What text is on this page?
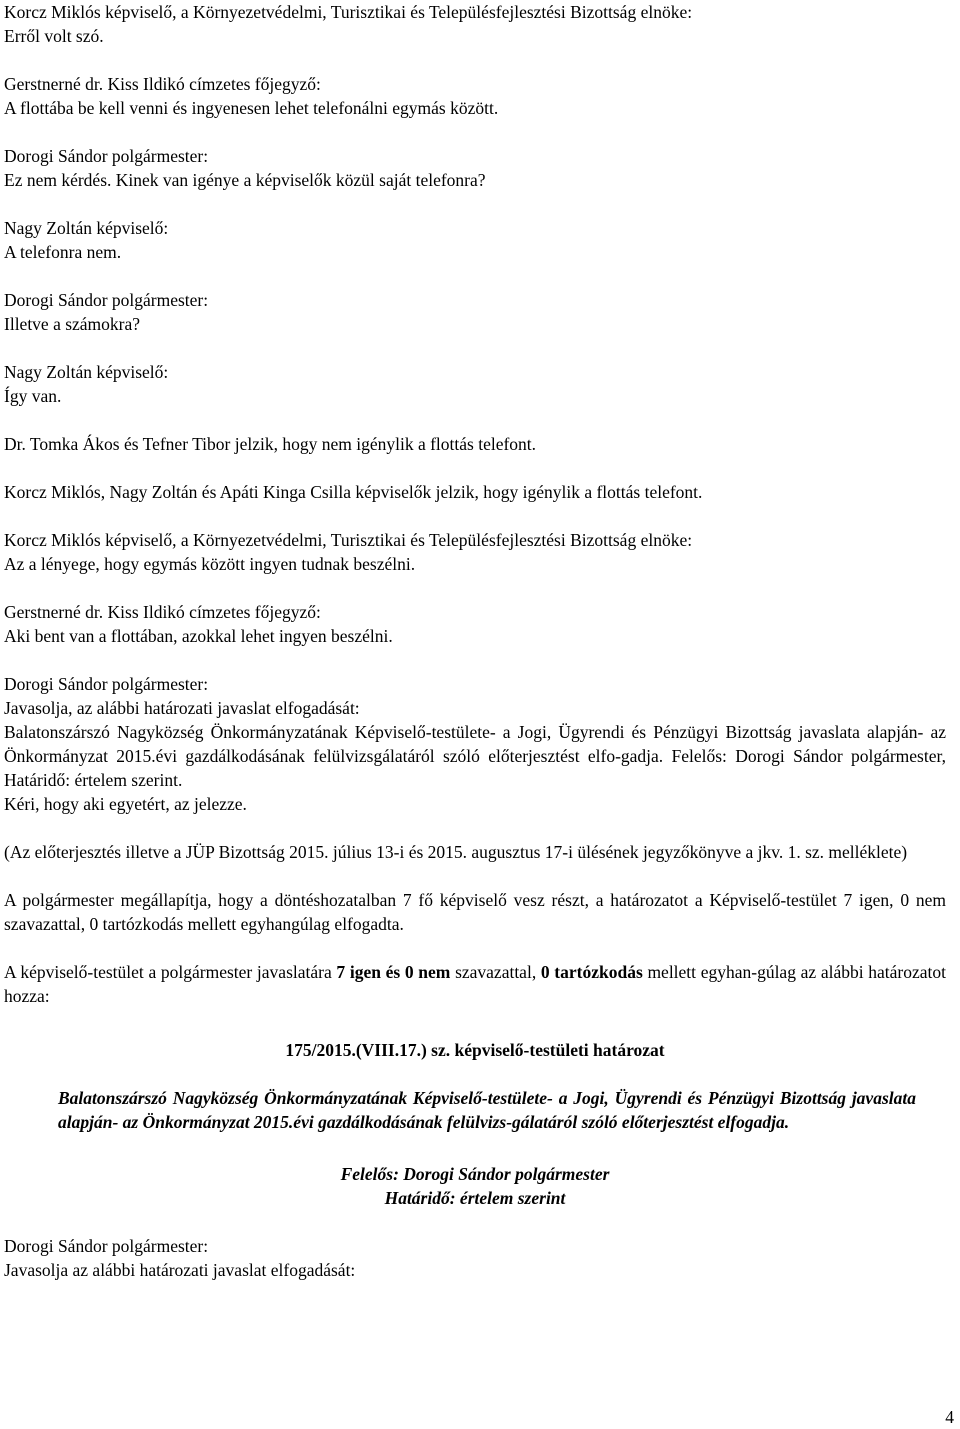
Korcz Miklós képviselő, a Környezetvédelmi, Turisztikai és Településfejlesztési Bizottság elnöke:

Erről volt szó.

Gerstnerné dr. Kiss Ildikó címzetes főjegyző:

A flottába be kell venni és ingyenesen lehet telefonálni egymás között.

Dorogi Sándor polgármester:

Ez nem kérdés. Kinek van igénye a képviselők közül saját telefonra?

Nagy Zoltán képviselő:

A telefonra nem.

Dorogi Sándor polgármester:

Illetve a számokra?

Nagy Zoltán képviselő:

Így van.

Dr. Tomka Ákos és Tefner Tibor jelzik, hogy nem igénylik a flottás telefont.

Korcz Miklós, Nagy Zoltán és Apáti Kinga Csilla képviselők jelzik, hogy igénylik a flottás telefont.

Korcz Miklós képviselő, a Környezetvédelmi, Turisztikai és Településfejlesztési Bizottság elnöke:

Az a lényege, hogy egymás között ingyen tudnak beszélni.

Gerstnerné dr. Kiss Ildikó címzetes főjegyző:

Aki bent van a flottában, azokkal lehet ingyen beszélni.

Dorogi Sándor polgármester:

Javasolja, az alábbi határozati javaslat elfogadását:

Balatonszárszó Nagyközség Önkormányzatának Képviselő-testülete- a Jogi, Ügyrendi és Pénzügyi Bizottság javaslata alapján- az Önkormányzat 2015.évi gazdálkodásának felülvizsgálatáról szóló előterjesztést elfo-gadja. Felelős: Dorogi Sándor polgármester, Határidő: értelem szerint.

Kéri, hogy aki egyetért, az jelezze.

(Az előterjesztés illetve a JÜP Bizottság 2015. július 13-i és 2015. augusztus 17-i ülésének jegyzőkönyve a jkv. 1. sz. melléklete)

A polgármester megállapítja, hogy a döntéshozatalban 7 fő képviselő vesz részt, a határozatot a Képviselő-testület 7 igen, 0 nem szavazattal, 0 tartózkodás mellett egyhangúlag elfogadta.

A képviselő-testület a polgármester javaslatára 7 igen és 0 nem szavazattal, 0 tartózkodás mellett egyhan-gúlag az alábbi határozatot hozza:

175/2015.(VIII.17.) sz. képviselő-testületi határozat

Balatonszárszó Nagyközség Önkormányzatának Képviselő-testülete- a Jogi, Ügyrendi és Pénzügyi Bizottság javaslata alapján- az Önkormányzat 2015.évi gazdálkodásának felülvizs-gálatáról szóló előterjesztést elfogadja.

Felelős: Dorogi Sándor polgármester

Határidő: értelem szerint

Dorogi Sándor polgármester:

Javasolja az alábbi határozati javaslat elfogadását:

4
